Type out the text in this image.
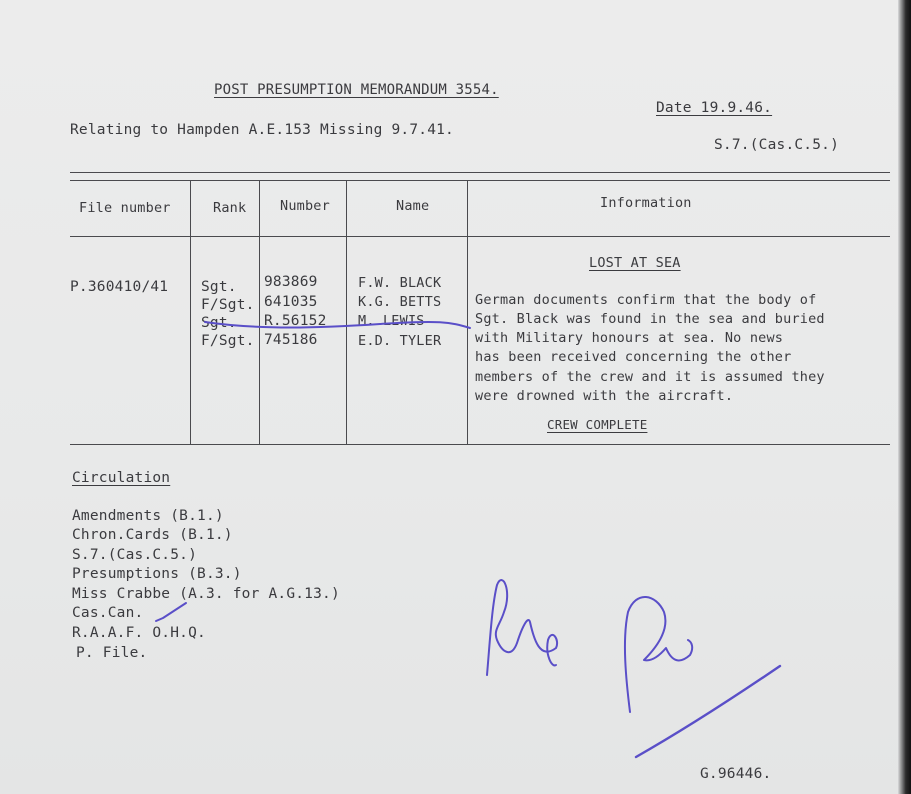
POST PRESUMPTION MEMORANDUM 3554.
Date 19.9.46.
Relating to Hampden A.E.153 Missing 9.7.41.
S.7.(Cas.C.5.)
File number	Rank Number	Name	Information
P.360410/41 Sgt. 983869	F.W. BLACK
F/Sgt. 641035	K.G. BETTS
Sgt. R.56152 M. LEWIS
F/Sgt. 745186	E.D. TYLER
LOST AT SEA
German documents confirm that the body of
Sgt. Black was found in the sea and buried
with Military honours at sea. No news
has been received concerning the other
members of the crew and it is assumed they
were drowned with the aircraft.
CREW COMPLETE
Circulation
Amendments (B.1.)
Chron.Cards (B.1.)
S.7.(Cas.C.5.)
Presumptions (B.3.)
Miss Crabbe (A.3. for A.G.13.)
Cas.Can.
R.A.A.F. O.H.Q.
P. File.
G.96446.
